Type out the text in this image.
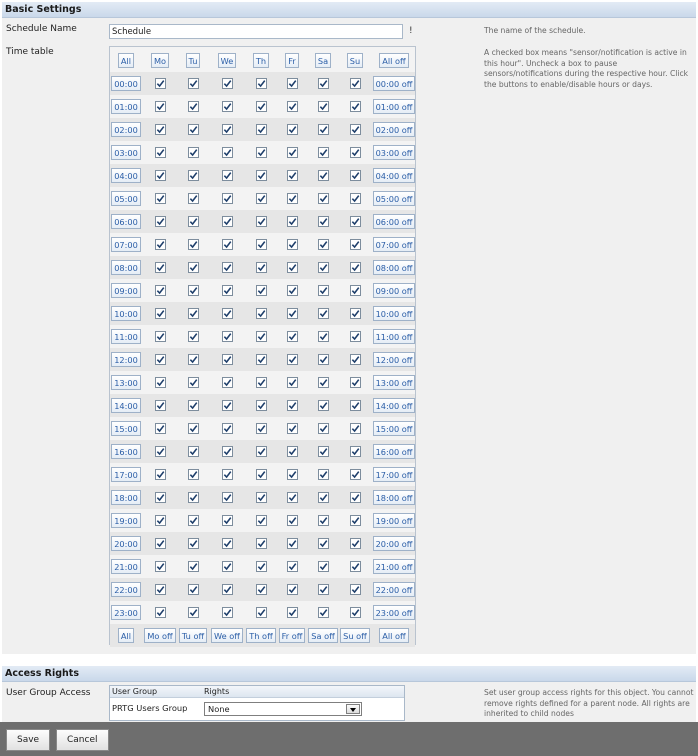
Basic Settings
Schedule Name
Schedule	!	The name of the schedule.
Time table	A checked box means "sensor/notification is active in this hour". Uncheck a box to pause sensors/notifications during the respective hour. Click the buttons to enable/disable hours or days.
All	Mo	Tu	We	Th	Fr	Sa	Su	All off
00:00	00:00 off
01:00	01:00 off
02:00	02:00 off
03:00	03:00 off
04:00	04:00 off
05:00	05:00 off
06:00	06:00 off
07:00	07:00 off
08:00	08:00 off
09:00	09:00 off
10:00	10:00 off
11:00	11:00 off
12:00	12:00 off
13:00	13:00 off
14:00	14:00 off
15:00	15:00 off
16:00	16:00 off
17:00	17:00 off
18:00	18:00 off
19:00	19:00 off
20:00	20:00 off
21:00	21:00 off
22:00	22:00 off
23:00	23:00 off
All	Mo off	Tu off	We off	Th off	Fr off	Sa off	Su off	All off
Access Rights
User Group Access	User Group	Rights
PRTG Users Group	None
Set user group access rights for this object. You cannot remove rights defined for a parent node. All rights are inherited to child nodes
Save	Cancel
